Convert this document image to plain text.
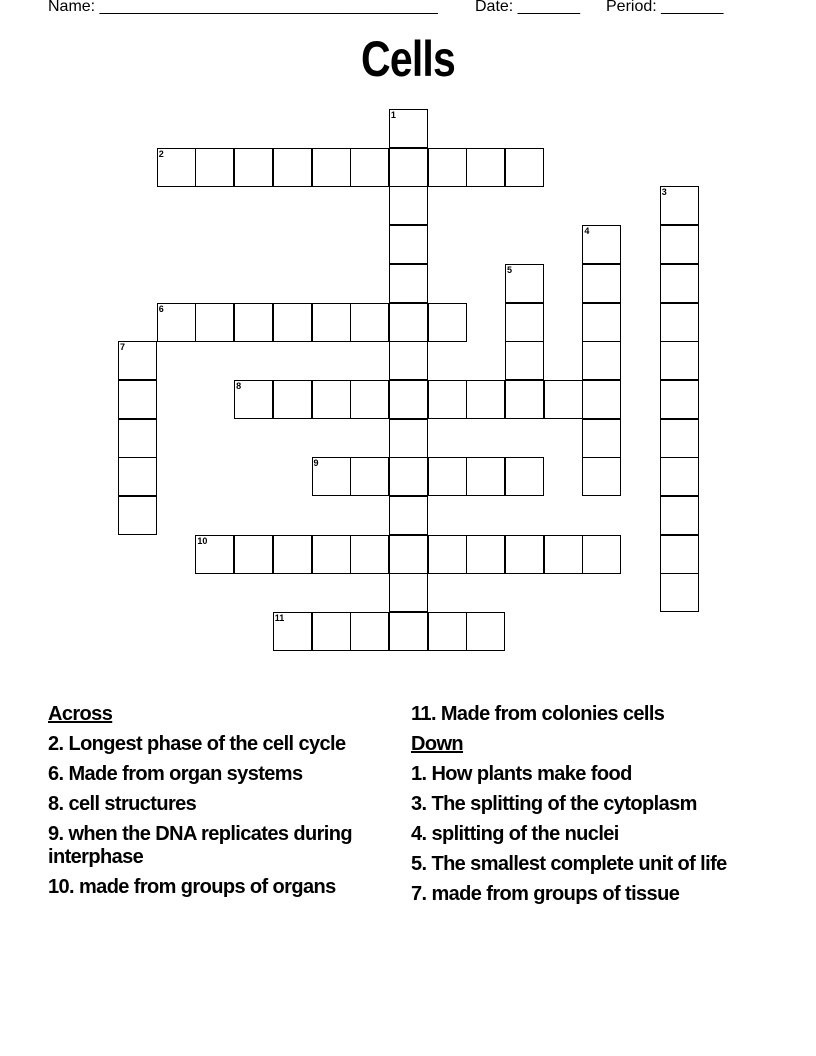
Name: ______________________________________

Date: _______

Period: _______

Cells
1
2
3
4
5
6
7
8
9
10
11
Across
2. Longest phase of the cell cycle
6. Made from organ systems
8. cell structures
9. when the DNA replicates during interphase
10. made from groups of organs
11. Made from colonies cells
Down
1. How plants make food
3. The splitting of the cytoplasm
4. splitting of the nuclei
5. The smallest complete unit of life
7. made from groups of tissue
